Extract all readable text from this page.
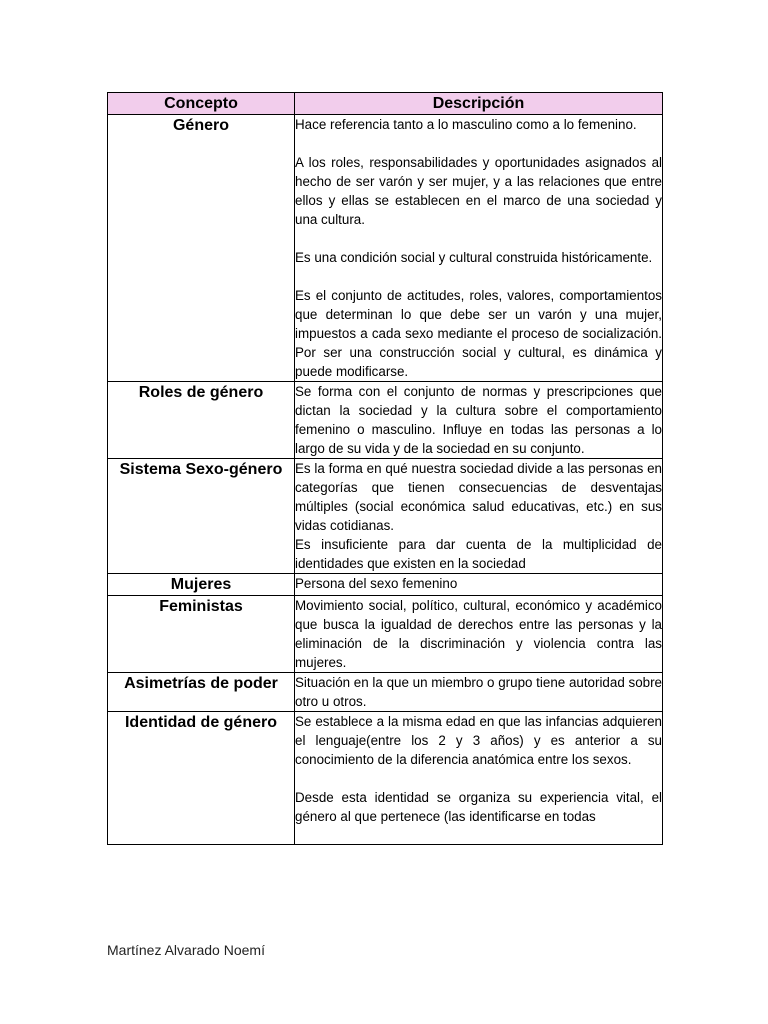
Concepto	Descripción
Género	Hace referencia tanto a lo masculino como a lo femenino.

A los roles, responsabilidades y oportunidades asignados al hecho de ser varón y ser mujer, y a las relaciones que entre ellos y ellas se establecen en el marco de una sociedad y una cultura.

Es una condición social y cultural construida históricamente.

Es el conjunto de actitudes, roles, valores, comportamientos que determinan lo que debe ser un varón y una mujer, impuestos a cada sexo mediante el proceso de socialización. Por ser una construcción social y cultural, es dinámica y puede modificarse.

Roles de género	Se forma con el conjunto de normas y prescripciones que dictan la sociedad y la cultura sobre el comportamiento femenino o masculino. Influye en todas las personas a lo largo de su vida y de la sociedad en su conjunto.

Sistema Sexo-género	Es la forma en qué nuestra sociedad divide a las personas en categorías que tienen consecuencias de desventajas múltiples (social económica salud educativas, etc.) en sus vidas cotidianas.

Es insuficiente para dar cuenta de la multiplicidad de identidades que existen en la sociedad

Mujeres	Persona del sexo femenino

Feministas	Movimiento social, político, cultural, económico y académico que busca la igualdad de derechos entre las personas y la eliminación de la discriminación y violencia contra las mujeres.

Asimetrías de poder	Situación en la que un miembro o grupo tiene autoridad sobre otro u otros.

Identidad de género	Se establece a la misma edad en que las infancias adquieren el lenguaje(entre los 2 y 3 años) y es anterior a su conocimiento de la diferencia anatómica entre los sexos.

Desde esta identidad se organiza su experiencia vital, el género al que pertenece (las identificarse en todas

Martínez Alvarado Noemí
